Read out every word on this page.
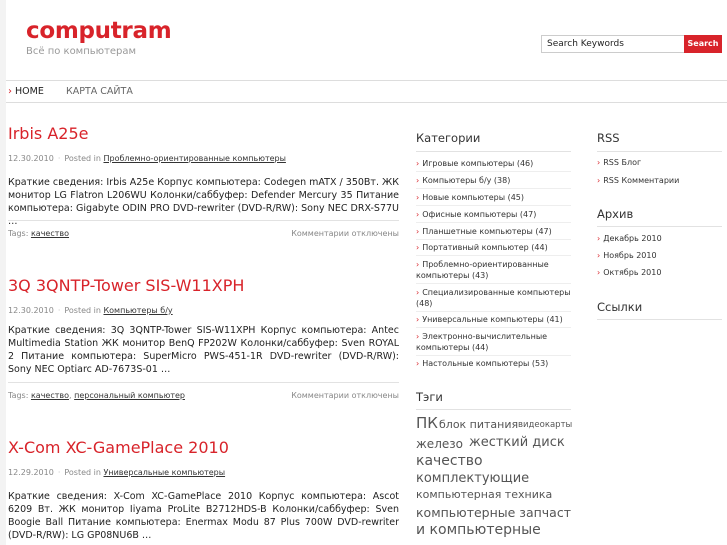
computram
Всё по компьютерам
Search Keywords
Search
› HOME КАРТА САЙТА
Irbis A25e
12.30.2010 · Posted in Проблемно-ориентированные компьютеры
Краткие сведения: Irbis A25e Корпус компьютера: Codegen mATX / 350Вт. ЖК монитор LG Flatron L206WU Колонки/саббуфер: Defender Mercury 35 Питание компьютера: Gigabyte ODIN PRO DVD-rewriter (DVD-R/RW): Sony NEC DRX-S77U …
Tags: качество	Комментарии отключены
3Q 3QNTP-Tower SIS-W11XPH
12.30.2010 · Posted in Компьютеры б/у
Краткие сведения: 3Q 3QNTP-Tower SIS-W11XPH Корпус компьютера: Antec Multimedia Station ЖК монитор BenQ FP202W Колонки/саббуфер: Sven ROYAL 2 Питание компьютера: SuperMicro PWS-451-1R DVD-rewriter (DVD-R/RW): Sony NEC Optiarc AD-7673S-01 …
Tags: качество, персональный компьютер	Комментарии отключены
X-Com XC-GamePlace 2010
12.29.2010 · Posted in Универсальные компьютеры
Краткие сведения: X-Com XC-GamePlace 2010 Корпус компьютера: Ascot 6209 Вт. ЖК монитор Iiyama ProLite B2712HDS-B Колонки/саббуфер: Sven Boogie Ball Питание компьютера: Enermax Modu 87 Plus 700W DVD-rewriter (DVD-R/RW): LG GP08NU6B …
Категории
› Игровые компьютеры (46)
› Компьютеры б/у (38)
› Новые компьютеры (45)
› Офисные компьютеры (47)
› Планшетные компьютеры (47)
› Портативный компьютер (44)
› Проблемно-ориентированные компьютеры (43)
› Специализированные компьютеры (48)
› Универсальные компьютеры (41)
› Электронно-вычислительные компьютеры (44)
› Настольные компьютеры (53)
Тэги
ПК блок питания видеокарты
железо жесткий диск
качество
комплектующие
компьютерная техника
компьютерные запчаст
и компьютерные
RSS
› RSS Блог
› RSS Комментарии
Архив
› Декабрь 2010
› Ноябрь 2010
› Октябрь 2010
Ссылки
